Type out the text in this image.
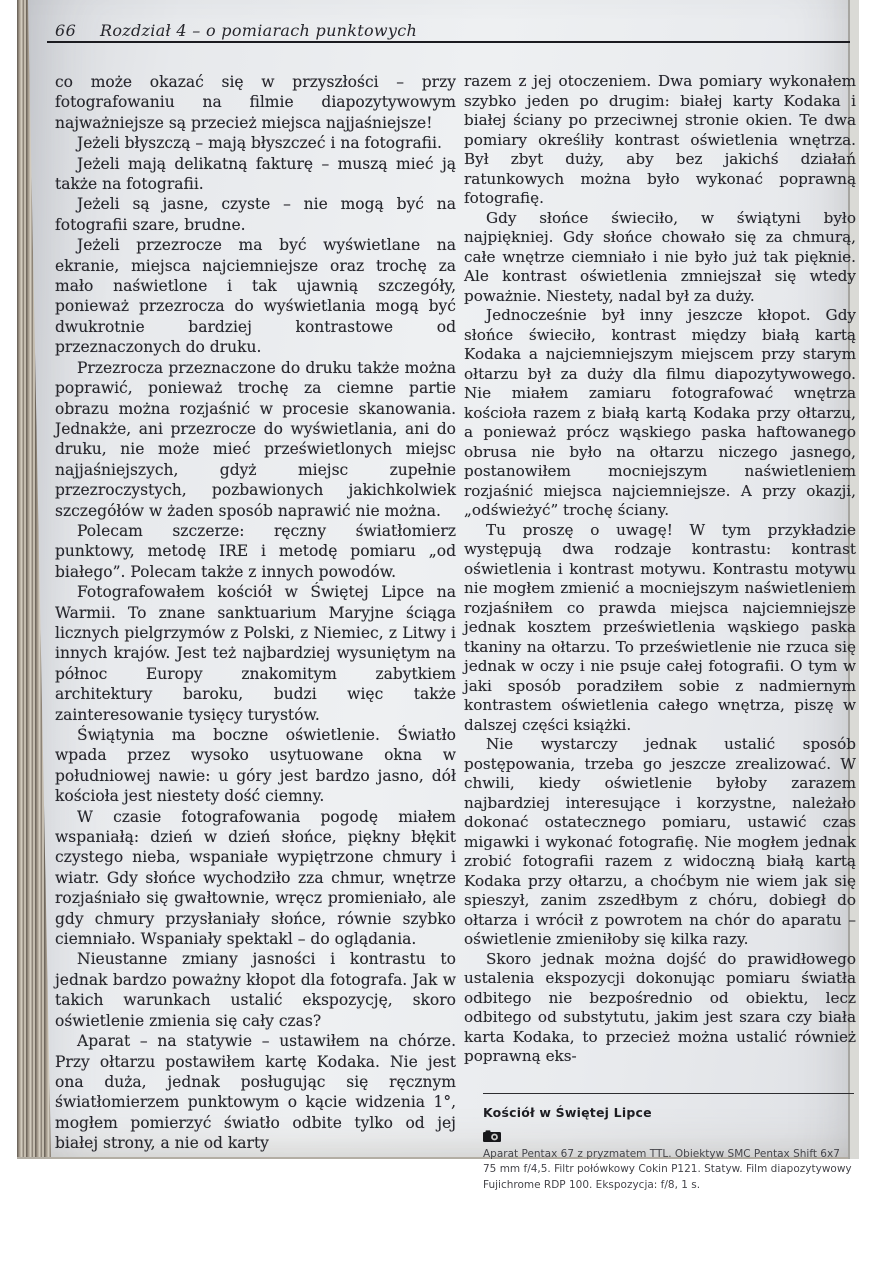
66 Rozdział 4 – o pomiarach punktowych

co może okazać się w przyszłości – przy fotografowaniu na filmie diapozytywowym najważniejsze są przecież miejsca najjaśniejsze!

Jeżeli błyszczą – mają błyszczeć i na fotografii.

Jeżeli mają delikatną fakturę – muszą mieć ją także na fotografii.

Jeżeli są jasne, czyste – nie mogą być na fotografii szare, brudne.

Jeżeli przezrocze ma być wyświetlane na ekranie, miejsca najciemniejsze oraz trochę za mało naświetlone i tak ujawnią szczegóły, ponieważ przezrocza do wyświetlania mogą być dwukrotnie bardziej kontrastowe od przeznaczonych do druku.

Przezrocza przeznaczone do druku także można poprawić, ponieważ trochę za ciemne partie obrazu można rozjaśnić w procesie skanowania. Jednakże, ani przezrocze do wyświetlania, ani do druku, nie może mieć prześwietlonych miejsc najjaśniejszych, gdyż miejsc zupełnie przezroczystych, pozbawionych jakichkolwiek szczegółów w żaden sposób naprawić nie można.

Polecam szczerze: ręczny światłomierz punktowy, metodę IRE i metodę pomiaru „od białego”. Polecam także z innych powodów.

Fotografowałem kościół w Świętej Lipce na Warmii. To znane sanktuarium Maryjne ściąga licznych pielgrzymów z Polski, z Niemiec, z Litwy i innych krajów. Jest też najbardziej wysuniętym na północ Europy znakomitym zabytkiem architektury baroku, budzi więc także zainteresowanie tysięcy turystów.

Świątynia ma boczne oświetlenie. Światło wpada przez wysoko usytuowane okna w południowej nawie: u góry jest bardzo jasno, dół kościoła jest niestety dość ciemny.

W czasie fotografowania pogodę miałem wspaniałą: dzień w dzień słońce, piękny błękit czystego nieba, wspaniałe wypiętrzone chmury i wiatr. Gdy słońce wychodziło zza chmur, wnętrze rozjaśniało się gwałtownie, wręcz promieniało, ale gdy chmury przysłaniały słońce, równie szybko ciemniało. Wspaniały spektakl – do oglądania.

Nieustanne zmiany jasności i kontrastu to jednak bardzo poważny kłopot dla fotografa. Jak w takich warunkach ustalić ekspozycję, skoro oświetlenie zmienia się cały czas?

Aparat – na statywie – ustawiłem na chórze. Przy ołtarzu postawiłem kartę Kodaka. Nie jest ona duża, jednak posługując się ręcznym światłomierzem punktowym o kącie widzenia 1°, mogłem pomierzyć światło odbite tylko od jej białej strony, a nie od karty

razem z jej otoczeniem. Dwa pomiary wykonałem szybko jeden po drugim: białej karty Kodaka i białej ściany po przeciwnej stronie okien. Te dwa pomiary określiły kontrast oświetlenia wnętrza. Był zbyt duży, aby bez jakichś działań ratunkowych można było wykonać poprawną fotografię.

Gdy słońce świeciło, w świątyni było najpiękniej. Gdy słońce chowało się za chmurą, całe wnętrze ciemniało i nie było już tak pięknie. Ale kontrast oświetlenia zmniejszał się wtedy poważnie. Niestety, nadal był za duży.

Jednocześnie był inny jeszcze kłopot. Gdy słońce świeciło, kontrast między białą kartą Kodaka a najciemniejszym miejscem przy starym ołtarzu był za duży dla filmu diapozytywowego. Nie miałem zamiaru fotografować wnętrza kościoła razem z białą kartą Kodaka przy ołtarzu, a ponieważ prócz wąskiego paska haftowanego obrusa nie było na ołtarzu niczego jasnego, postanowiłem mocniejszym naświetleniem rozjaśnić miejsca najciemniejsze. A przy okazji, „odświeżyć” trochę ściany.

Tu proszę o uwagę! W tym przykładzie występują dwa rodzaje kontrastu: kontrast oświetlenia i kontrast motywu. Kontrastu motywu nie mogłem zmienić a mocniejszym naświetleniem rozjaśniłem co prawda miejsca najciemniejsze jednak kosztem prześwietlenia wąskiego paska tkaniny na ołtarzu. To prześwietlenie nie rzuca się jednak w oczy i nie psuje całej fotografii. O tym w jaki sposób poradziłem sobie z nadmiernym kontrastem oświetlenia całego wnętrza, piszę w dalszej części książki.

Nie wystarczy jednak ustalić sposób postępowania, trzeba go jeszcze zrealizować. W chwili, kiedy oświetlenie byłoby zarazem najbardziej interesujące i korzystne, należało dokonać ostatecznego pomiaru, ustawić czas migawki i wykonać fotografię. Nie mogłem jednak zrobić fotografii razem z widoczną białą kartą Kodaka przy ołtarzu, a choćbym nie wiem jak się spieszył, zanim zszedłbym z chóru, dobiegł do ołtarza i wrócił z powrotem na chór do aparatu – oświetlenie zmieniłoby się kilka razy.

Skoro jednak można dojść do prawidłowego ustalenia ekspozycji dokonując pomiaru światła odbitego nie bezpośrednio od obiektu, lecz odbitego od substytutu, jakim jest szara czy biała karta Kodaka, to przecież można ustalić również poprawną eks-

Kościół w Świętej Lipce
Aparat Pentax 67 z pryzmatem TTL. Obiektyw SMC Pentax Shift 6x7 75 mm f/4,5. Filtr połówkowy Cokin P121. Statyw. Film diapozytywowy Fujichrome RDP 100. Ekspozycja: f/8, 1 s.
